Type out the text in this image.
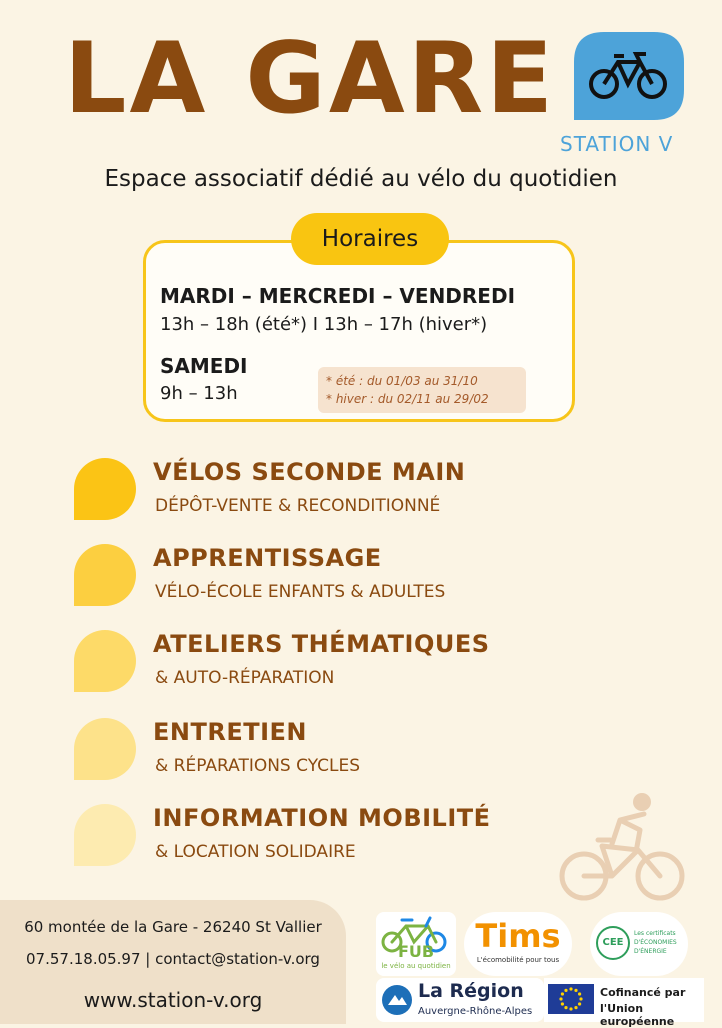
LA GARE
STATION V
Espace associatif dédié au vélo du quotidien
Horaires
MARDI – MERCREDI – VENDREDI
13h – 18h (été*) I 13h – 17h (hiver*)
SAMEDI
9h – 13h
* été : du 01/03 au 31/10
* hiver : du 02/11 au 29/02
VÉLOS SECONDE MAIN
DÉPÔT-VENTE & RECONDITIONNÉ
APPRENTISSAGE
VÉLO-ÉCOLE ENFANTS & ADULTES
ATELIERS THÉMATIQUES
& AUTO-RÉPARATION
ENTRETIEN
& RÉPARATIONS CYCLES
INFORMATION MOBILITÉ
& LOCATION SOLIDAIRE
60 montée de la Gare - 26240 St Vallier
07.57.18.05.97 | contact@station-v.org
www.station-v.org
FUB
le vélo au quotidien
Tims
L'écomobilité pour tous
CEE
Les certificats
D'ÉCONOMIES
D'ÉNERGIE
La Région
Auvergne-Rhône-Alpes
Cofinancé par
l'Union européenne
